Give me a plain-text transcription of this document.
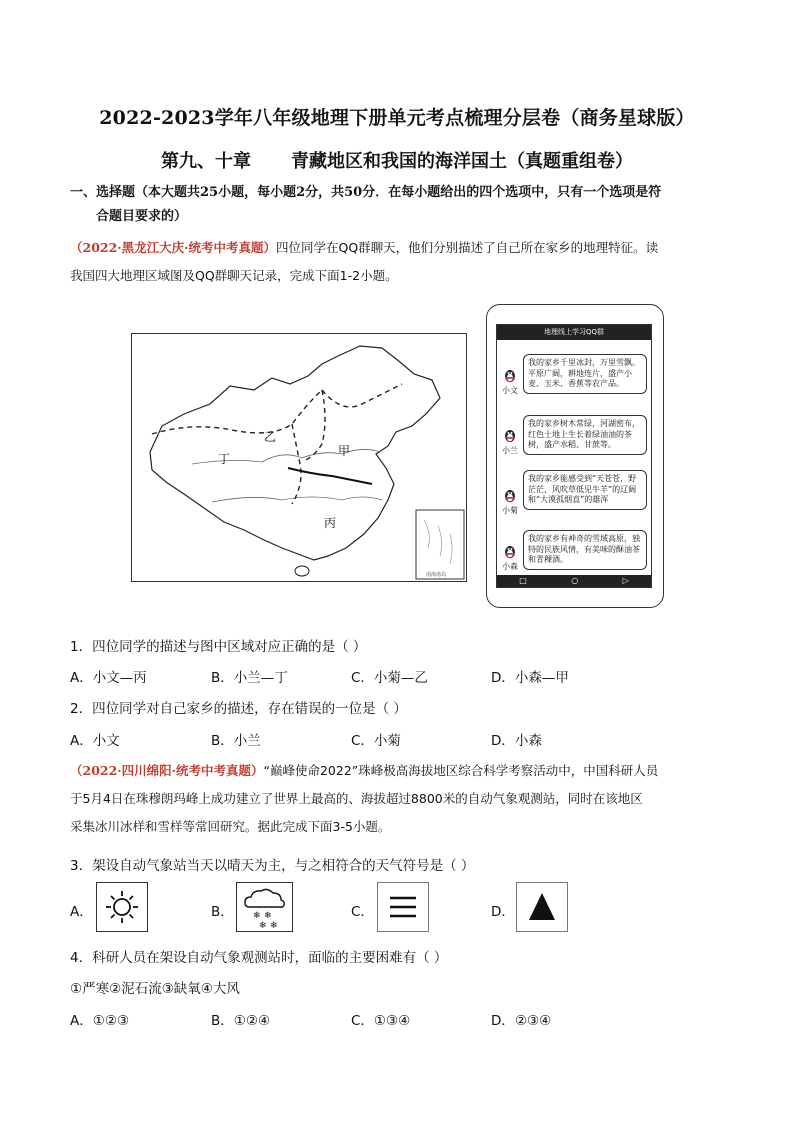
2022-2023学年八年级地理下册单元考点梳理分层卷（商务星球版）
第九、十章 青藏地区和我国的海洋国土（真题重组卷）
一、选择题（本大题共25小题，每小题2分，共50分．在每小题给出的四个选项中，只有一个选项是符
合题目要求的）
（2022·黑龙江大庆·统考中考真题）四位同学在QQ群聊天，他们分别描述了自己所在家乡的地理特征。读
我国四大地理区域图及QQ群聊天记录，完成下面1-2小题。
乙
甲
丁
丙
南海诸岛
地理线上学习QQ群
小文
我的家乡千里冰封，万里雪飘。平原广阔，耕地连片，盛产小麦、玉米、香蕉等农产品。
小兰
我的家乡树木常绿，河湖密布，红色土地上生长着绿油油的茶树，盛产水稻、甘蔗等。
小菊
我的家乡能感受到“天苍苍，野茫茫，风吹草低见牛羊”的辽阔和“大漠孤烟直”的雄浑
小森
我的家乡有神奇的雪域高原，独特的民族风情，有美味的酥油茶和青稞酒。
□	○	▷
1．四位同学的描述与图中区域对应正确的是（ ）
A．小文—丙	B．小兰—丁	C．小菊—乙	D．小森—甲
2．四位同学对自己家乡的描述，存在错误的一位是（ ）
A．小文	B．小兰	C．小菊	D．小森
（2022·四川绵阳·统考中考真题）“巅峰使命2022”珠峰极高海拔地区综合科学考察活动中，中国科研人员
于5月4日在珠穆朗玛峰上成功建立了世界上最高的、海拔超过8800米的自动气象观测站，同时在该地区
采集冰川冰样和雪样等常回研究。据此完成下面3-5小题。
3．架设自动气象站当天以晴天为主，与之相符合的天气符号是（ ）
A．	B． ❄ ❄
❄ ❄
C．	D．
4．科研人员在架设自动气象观测站时，面临的主要困难有（ ）
①严寒②泥石流③缺氧④大风
A．①②③	B．①②④	C．①③④	D．②③④
